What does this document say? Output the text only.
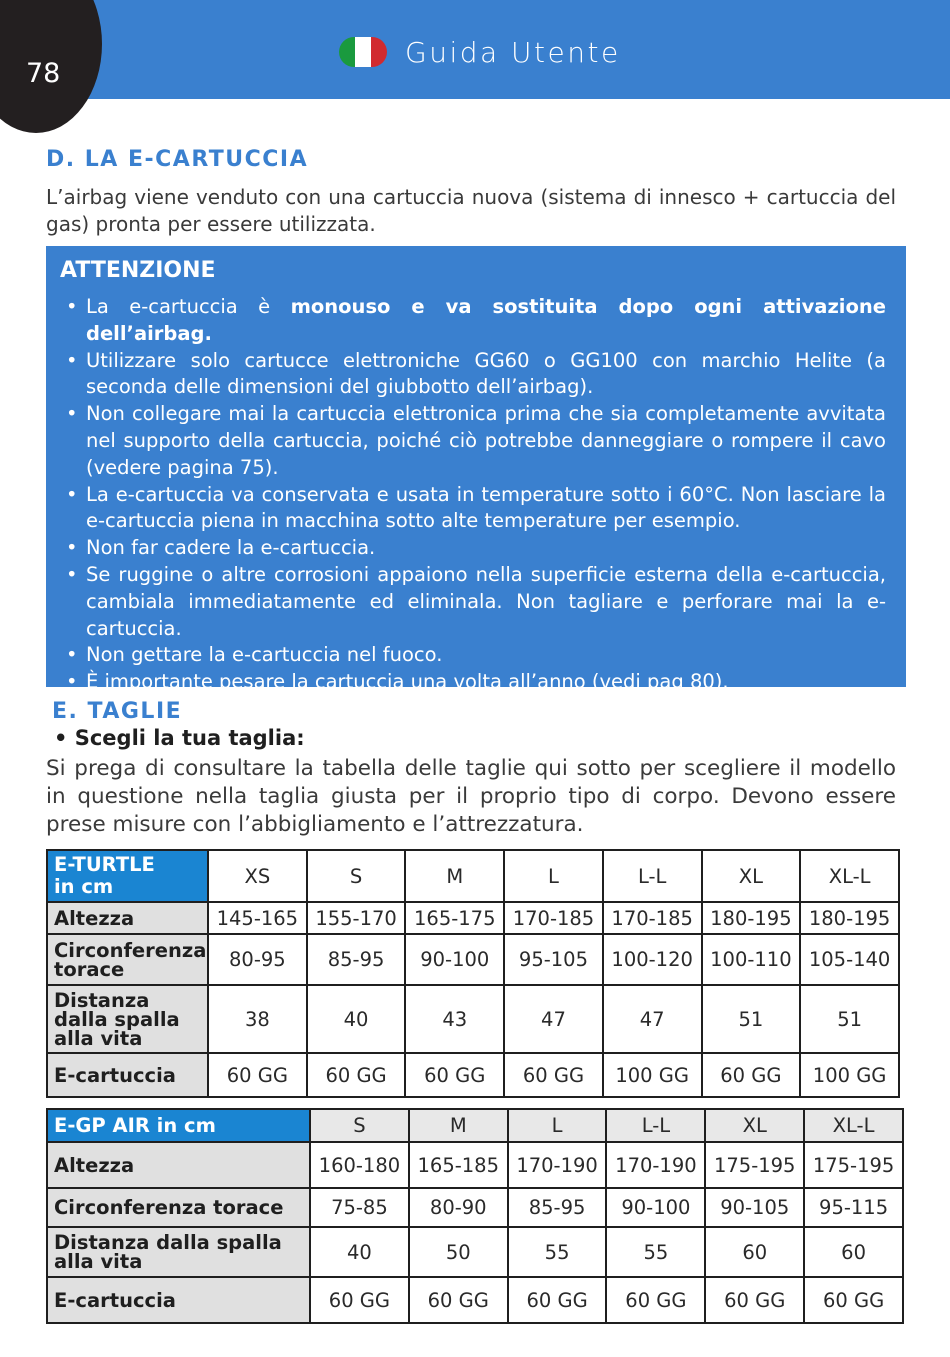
Guida Utente
78
D. LA E-CARTUCCIA
L’airbag viene venduto con una cartuccia nuova (sistema di innesco + cartuccia del gas) pronta per essere utilizzata.
ATTENZIONE
• La e-cartuccia è monouso e va sostituita dopo ogni attivazione dell’airbag.
• Utilizzare solo cartucce elettroniche GG60 o GG100 con marchio Helite (a seconda delle dimensioni del giubbotto dell’airbag).
• Non collegare mai la cartuccia elettronica prima che sia completamente avvitata nel supporto della cartuccia, poiché ciò potrebbe danneggiare o rompere il cavo (vedere pagina 75).
• La e-cartuccia va conservata e usata in temperature sotto i 60°C. Non lasciare la e-cartuccia piena in macchina sotto alte temperature per esempio.
• Non far cadere la e-cartuccia.
• Se ruggine o altre corrosioni appaiono nella superficie esterna della e-cartuccia, cambiala immediatamente ed eliminala. Non tagliare e perforare mai la e-cartuccia.
• Non gettare la e-cartuccia nel fuoco.
• È importante pesare la cartuccia una volta all’anno (vedi pag 80).
E. TAGLIE
• Scegli la tua taglia:
Si prega di consultare la tabella delle taglie qui sotto per scegliere il modello in questione nella taglia giusta per il proprio tipo di corpo. Devono essere prese misure con l’abbigliamento e l’attrezzatura.
E-TURTLE
in cm	XS	S	M	L	L-L	XL	XL-L
Altezza	145-165	155-170	165-175	170-185	170-185	180-195	180-195
Circonferenza
torace	80-95	85-95	90-100	95-105	100-120	100-110	105-140
Distanza
dalla spalla
alla vita	38	40	43	47	47	51	51
E-cartuccia	60 GG	60 GG	60 GG	60 GG	100 GG	60 GG	100 GG
E-GP AIR in cm	S	M	L	L-L	XL	XL-L
Altezza	160-180	165-185	170-190	170-190	175-195	175-195
Circonferenza torace	75-85	80-90	85-95	90-100	90-105	95-115
Distanza dalla spalla
alla vita	40	50	55	55	60	60
E-cartuccia	60 GG	60 GG	60 GG	60 GG	60 GG	60 GG
